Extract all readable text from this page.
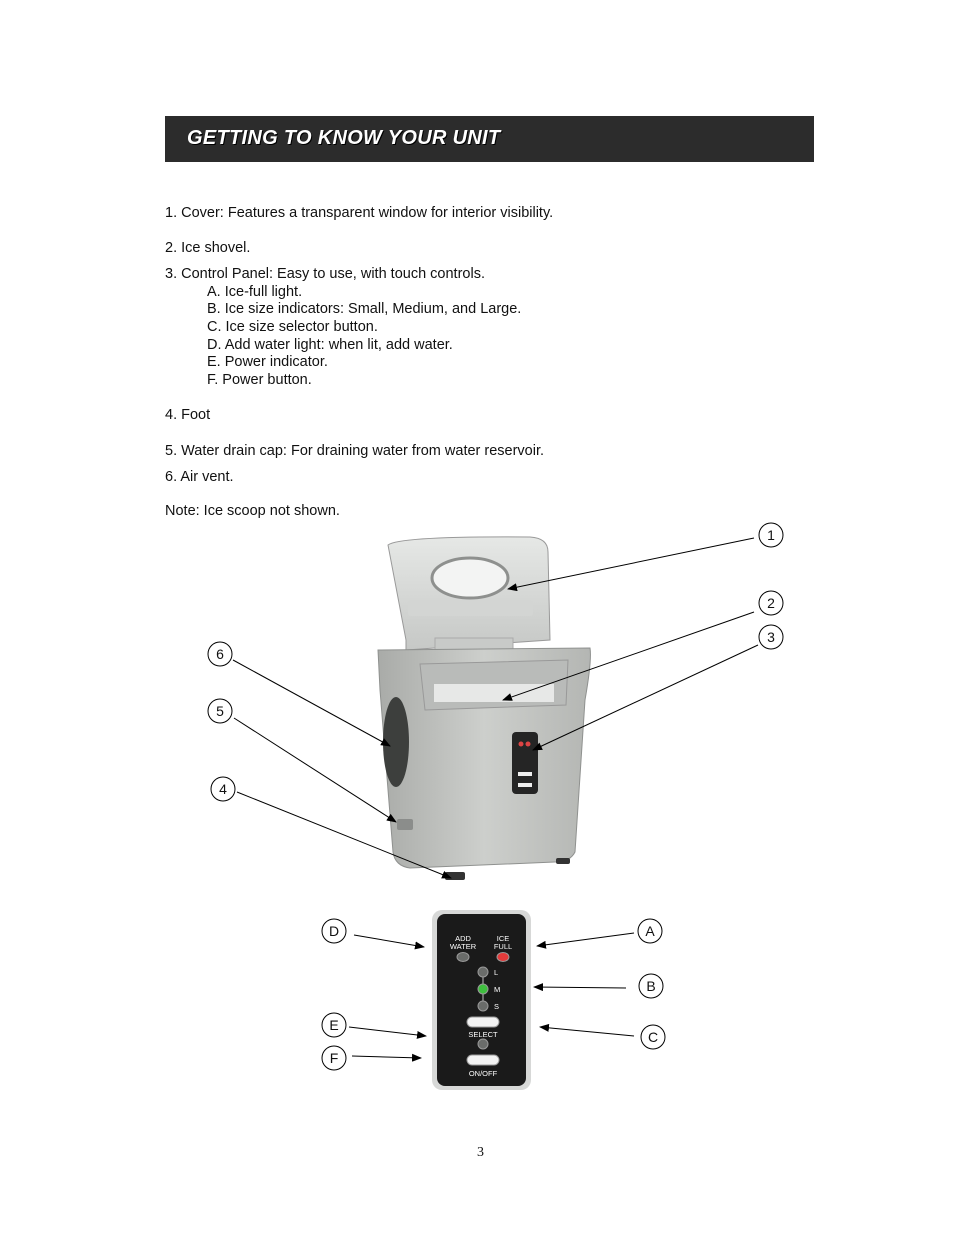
GETTING TO KNOW YOUR UNIT
1. Cover: Features a transparent window for interior visibility.
2. Ice shovel.
3. Control Panel: Easy to use, with touch controls.
A. Ice-full light.
B. Ice size indicators: Small, Medium, and Large.
C. Ice size selector button.
D. Add water light: when lit, add water.
E. Power indicator.
F. Power button.
4. Foot
5. Water drain cap: For draining water from water reservoir.
6. Air vent.
Note: Ice scoop not shown.
1
2
3
6
5
4
ADD
WATER
ICE
FULL
L
M
S
SELECT
ON/OFF
A
B
C
D
E
F
3
